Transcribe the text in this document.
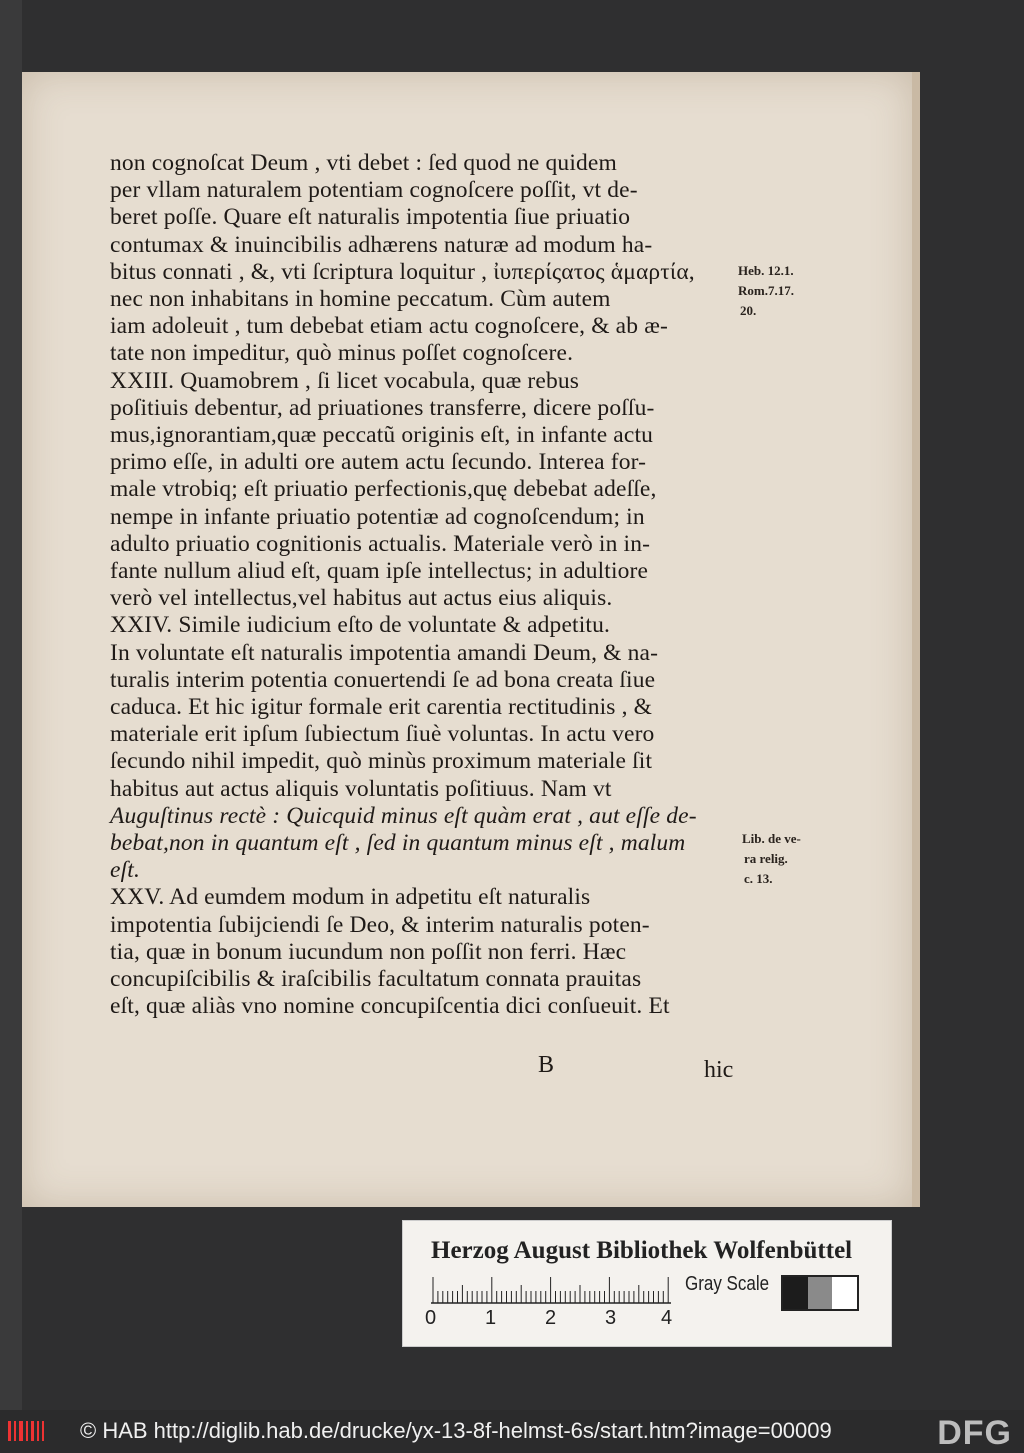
non cognoſcat Deum , vti debet : ſed quod ne quidem
per vllam naturalem potentiam cognoſcere poſſit, vt de-
beret poſſe. Quare eſt naturalis impotentia ſiue priuatio
contumax & inuincibilis adhærens naturæ ad modum ha-
bitus connati , &, vti ſcriptura loquitur , ἰυπερίςατος ἁμαρτία,
nec non inhabitans in homine peccatum. Cùm autem
iam adoleuit , tum debebat etiam actu cognoſcere, & ab æ-
tate non impeditur, quò minus poſſet cognoſcere.
XXIII. Quamobrem , ſi licet vocabula, quæ rebus
poſitiuis debentur, ad priuationes transferre, dicere poſſu-
mus,ignorantiam,quæ peccatũ originis eſt, in infante actu
primo eſſe, in adulti ore autem actu ſecundo. Interea for-
male vtrobiq; eſt priuatio perfectionis,quę debebat adeſſe,
nempe in infante priuatio potentiæ ad cognoſcendum; in
adulto priuatio cognitionis actualis. Materiale verò in in-
fante nullum aliud eſt, quam ipſe intellectus; in adultiore
verò vel intellectus,vel habitus aut actus eius aliquis.
XXIV. Simile iudicium eſto de voluntate & adpetitu.
In voluntate eſt naturalis impotentia amandi Deum, & na-
turalis interim potentia conuertendi ſe ad bona creata ſiue
caduca. Et hic igitur formale erit carentia rectitudinis , &
materiale erit ipſum ſubiectum ſiuè voluntas. In actu vero
ſecundo nihil impedit, quò minùs proximum materiale ſit
habitus aut actus aliquis voluntatis poſitiuus. Nam vt
Auguſtinus rectè : Quicquid minus eſt quàm erat , aut eſſe de-
bebat,non in quantum eſt , ſed in quantum minus eſt , malum
eſt.
XXV. Ad eumdem modum in adpetitu eſt naturalis
impotentia ſubijciendi ſe Deo, & interim naturalis poten-
tia, quæ in bonum iucundum non poſſit non ferri. Hæc
concupiſcibilis & iraſcibilis facultatum connata prauitas
eſt, quæ aliàs vno nomine concupiſcentia dici conſueuit. Et
Heb. 12.1.
Rom.7.17.
20.
Lib. de ve-
ra relig.
c. 13.
B	hic
Herzog August Bibliothek Wolfenbüttel
0 1 2 3 4
Gray Scale
© HAB http://diglib.hab.de/drucke/yx-13-8f-helmst-6s/start.htm?image=00009	DFG
